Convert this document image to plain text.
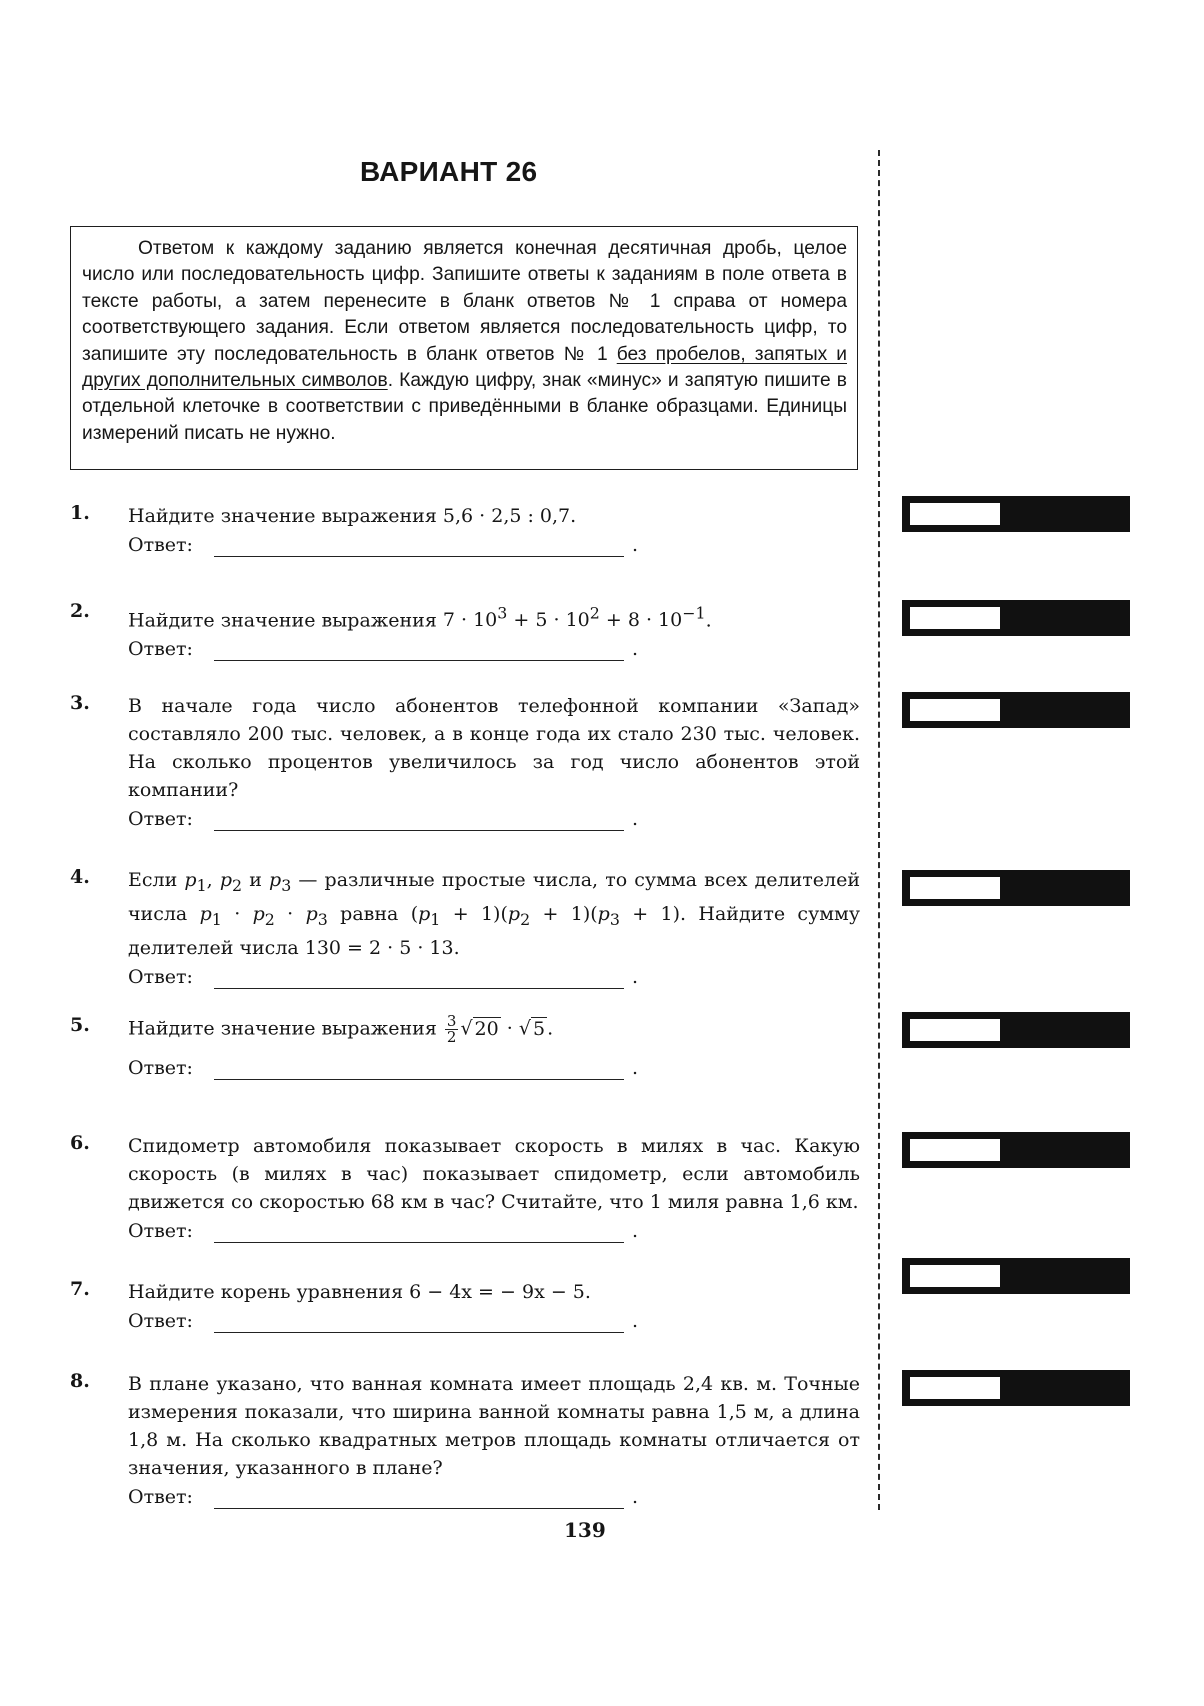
ВАРИАНТ 26
Ответом к каждому заданию является конечная десятичная дробь, целое число или последовательность цифр. Запишите ответы к заданиям в поле ответа в тексте работы, а затем перенесите в бланк ответов № 1 справа от номера соответствующего задания. Если ответом является последовательность цифр, то запишите эту последовательность в бланк ответов № 1 без пробелов, запятых и других дополнительных символов. Каждую цифру, знак «минус» и запятую пишите в отдельной клеточке в соответствии с приведёнными в бланке образцами. Единицы измерений писать не нужно.
1. Найдите значение выражения 5,6 · 2,5 : 0,7.
Ответ:	.
2. Найдите значение выражения $7 \cdot 10^3 + 5 \cdot 10^2 + 8 \cdot 10^{-1}$.
Ответ:	.
3. В начале года число абонентов телефонной компании «Запад» составляло 200 тыс. человек, а в конце года их стало 230 тыс. человек. На сколько процентов увеличилось за год число абонентов этой компании?
Ответ:	.
4. Если $p_1$, $p_2$ и $p_3$ — различные простые числа, то сумма всех делителей числа $p_1 \cdot p_2 \cdot p_3$ равна $(p_1 + 1)(p_2 + 1)(p_3 + 1)$. Найдите сумму делителей числа 130 = 2 · 5 · 13.
Ответ:	.
5. Найдите значение выражения $\frac{3}{2}$ √ 20 · √ 5 .
Ответ:	.
6. Спидометр автомобиля показывает скорость в милях в час. Какую скорость (в милях в час) показывает спидометр, если автомобиль движется со скоростью 68 км в час? Считайте, что 1 миля равна 1,6 км.
Ответ:	.
7. Найдите корень уравнения 6 − 4x = − 9x − 5.
Ответ:	.
8. В плане указано, что ванная комната имеет площадь 2,4 кв. м. Точные измерения показали, что ширина ванной комнаты равна 1,5 м, а длина 1,8 м. На сколько квадратных метров площадь комнаты отличается от значения, указанного в плане?
Ответ:	.
139
